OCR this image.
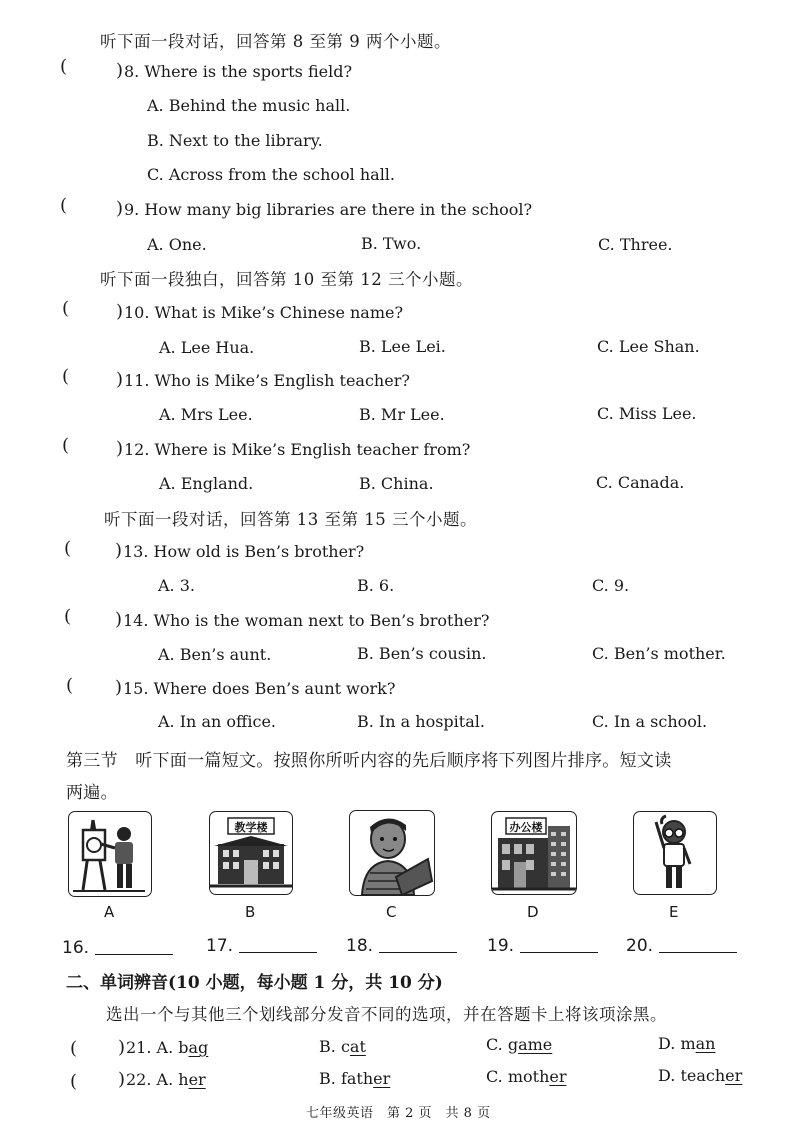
听下面一段对话，回答第 8 至第 9 两个小题。
(	) 8. Where is the sports field?
A. Behind the music hall.
B. Next to the library.
C. Across from the school hall.
(	) 9. How many big libraries are there in the school?
A. One.	B. Two.	C. Three.
听下面一段独白，回答第 10 至第 12 三个小题。
(	) 10. What is Mike’s Chinese name?
A. Lee Hua.	B. Lee Lei.	C. Lee Shan.
(	) 11. Who is Mike’s English teacher?
A. Mrs Lee.	B. Mr Lee.	C. Miss Lee.
(	) 12. Where is Mike’s English teacher from?
A. England.	B. China.	C. Canada.
听下面一段对话，回答第 13 至第 15 三个小题。
( ) 13. How old is Ben’s brother?
A. 3.	B. 6.	C. 9.
( ) 14. Who is the woman next to Ben’s brother?
A. Ben’s aunt.	B. Ben’s cousin.	C. Ben’s mother.
( ) 15. Where does Ben’s aunt work?
A. In an office.	B. In a hospital.	C. In a school.
第三节　听下面一篇短文。按照你所听内容的先后顺序将下列图片排序。短文读
两遍。
A
教学楼
B	C
办公楼
D	E
16.	17.	18.	19.	20.
二、单词辨音(10 小题，每小题 1 分，共 10 分)
选出一个与其他三个划线部分发音不同的选项，并在答题卡上将该项涂黑。
( ) 21. A. bag	B. cat	C. game	D. man
( ) 22. A. her	B. father	C. mother	D. teacher
七年级英语　第 2 页　共 8 页
